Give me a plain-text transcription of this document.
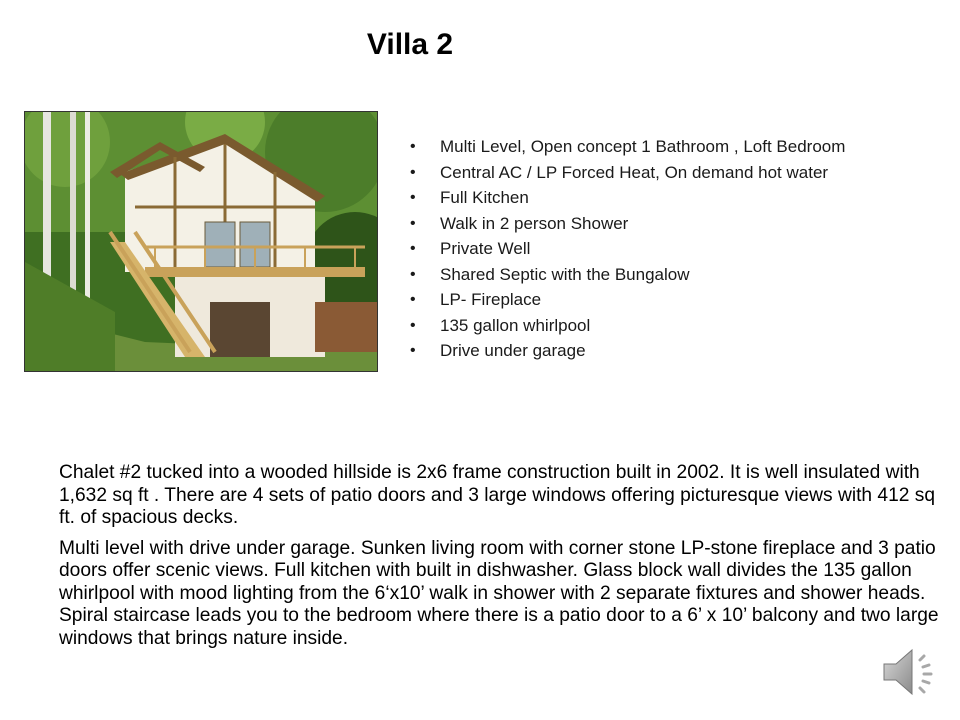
Villa 2
• Multi Level, Open concept 1 Bathroom , Loft Bedroom
• Central AC / LP Forced Heat, On demand hot water
• Full Kitchen
• Walk in 2 person Shower
• Private Well
• Shared Septic with the Bungalow
• LP- Fireplace
• 135 gallon whirlpool
• Drive under garage

Chalet #2 tucked into a wooded hillside is 2x6 frame construction built in 2002. It is well insulated with 1,632 sq ft . There are 4 sets of patio doors and 3 large windows offering picturesque views with 412 sq ft. of spacious decks.

Multi level with drive under garage. Sunken living room with corner stone LP-stone fireplace and 3 patio doors offer scenic views. Full kitchen with built in dishwasher. Glass block wall divides the 135 gallon whirlpool with mood lighting from the 6‘x10’ walk in shower with 2 separate fixtures and shower heads. Spiral staircase leads you to the bedroom where there is a patio door to a 6’ x 10’ balcony and two large windows that brings nature inside.
